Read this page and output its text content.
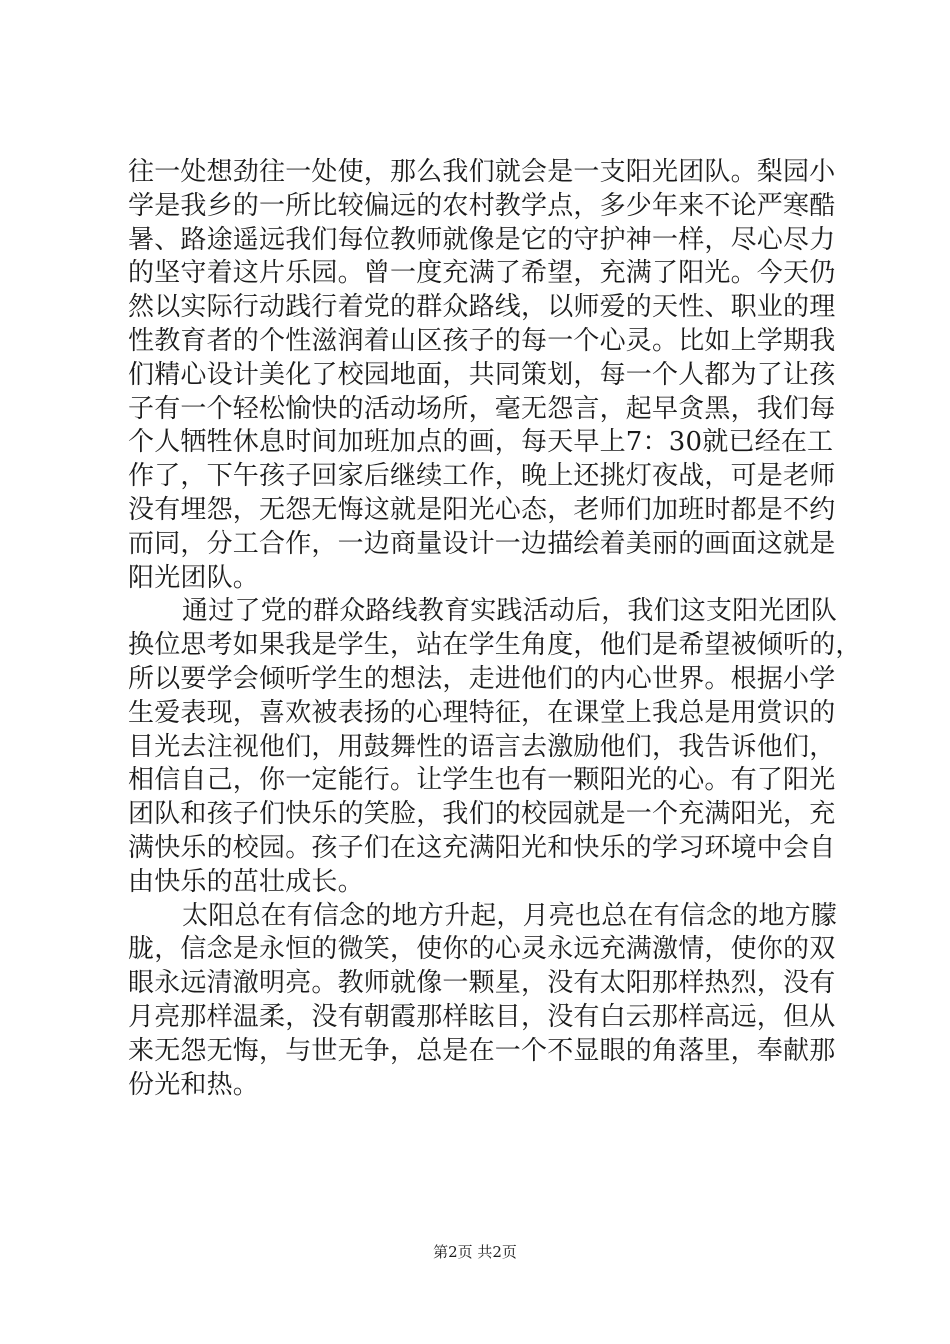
往一处想劲往一处使，那么我们就会是一支阳光团队。梨园小
学是我乡的一所比较偏远的农村教学点，多少年来不论严寒酷
暑、路途遥远我们每位教师就像是它的守护神一样，尽心尽力
的坚守着这片乐园。曾一度充满了希望，充满了阳光。今天仍
然以实际行动践行着党的群众路线，以师爱的天性、职业的理
性教育者的个性滋润着山区孩子的每一个心灵。比如上学期我
们精心设计美化了校园地面，共同策划，每一个人都为了让孩
子有一个轻松愉快的活动场所，毫无怨言，起早贪黑，我们每
个人牺牲休息时间加班加点的画，每天早上7：30就已经在工
作了，下午孩子回家后继续工作，晚上还挑灯夜战，可是老师
没有埋怨，无怨无悔这就是阳光心态，老师们加班时都是不约
而同，分工合作，一边商量设计一边描绘着美丽的画面这就是
阳光团队。
通过了党的群众路线教育实践活动后，我们这支阳光团队
换位思考如果我是学生，站在学生角度，他们是希望被倾听的，
所以要学会倾听学生的想法，走进他们的内心世界。根据小学
生爱表现，喜欢被表扬的心理特征，在课堂上我总是用赏识的
目光去注视他们，用鼓舞性的语言去激励他们，我告诉他们，
相信自己，你一定能行。让学生也有一颗阳光的心。有了阳光
团队和孩子们快乐的笑脸，我们的校园就是一个充满阳光，充
满快乐的校园。孩子们在这充满阳光和快乐的学习环境中会自
由快乐的茁壮成长。
太阳总在有信念的地方升起，月亮也总在有信念的地方朦
胧，信念是永恒的微笑，使你的心灵永远充满激情，使你的双
眼永远清澈明亮。教师就像一颗星，没有太阳那样热烈，没有
月亮那样温柔，没有朝霞那样眩目，没有白云那样高远，但从
来无怨无悔，与世无争，总是在一个不显眼的角落里，奉献那
份光和热。
第2页 共2页
